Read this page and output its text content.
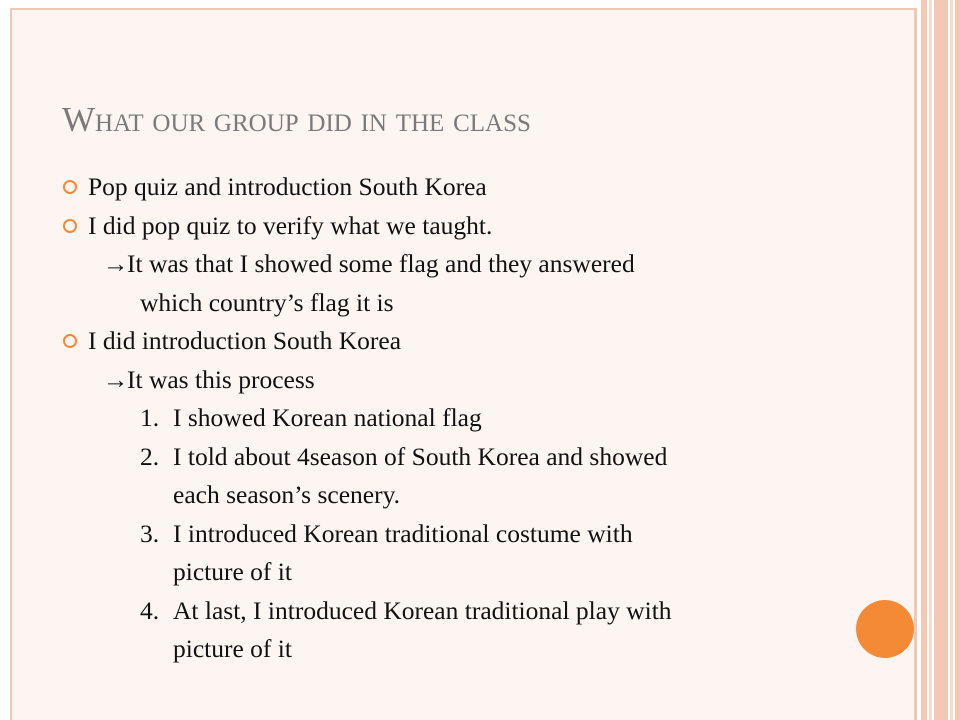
What our group did in the class
Pop quiz and introduction South Korea
I did pop quiz to verify what we taught.
→It was that I showed some flag and they answered
which country’s flag it is
I did introduction South Korea
→It was this process
1. I showed Korean national flag
2. I told about 4season of South Korea and showed
each season’s scenery.
3. I introduced Korean traditional costume with
picture of it
4. At last, I introduced Korean traditional play with
picture of it
